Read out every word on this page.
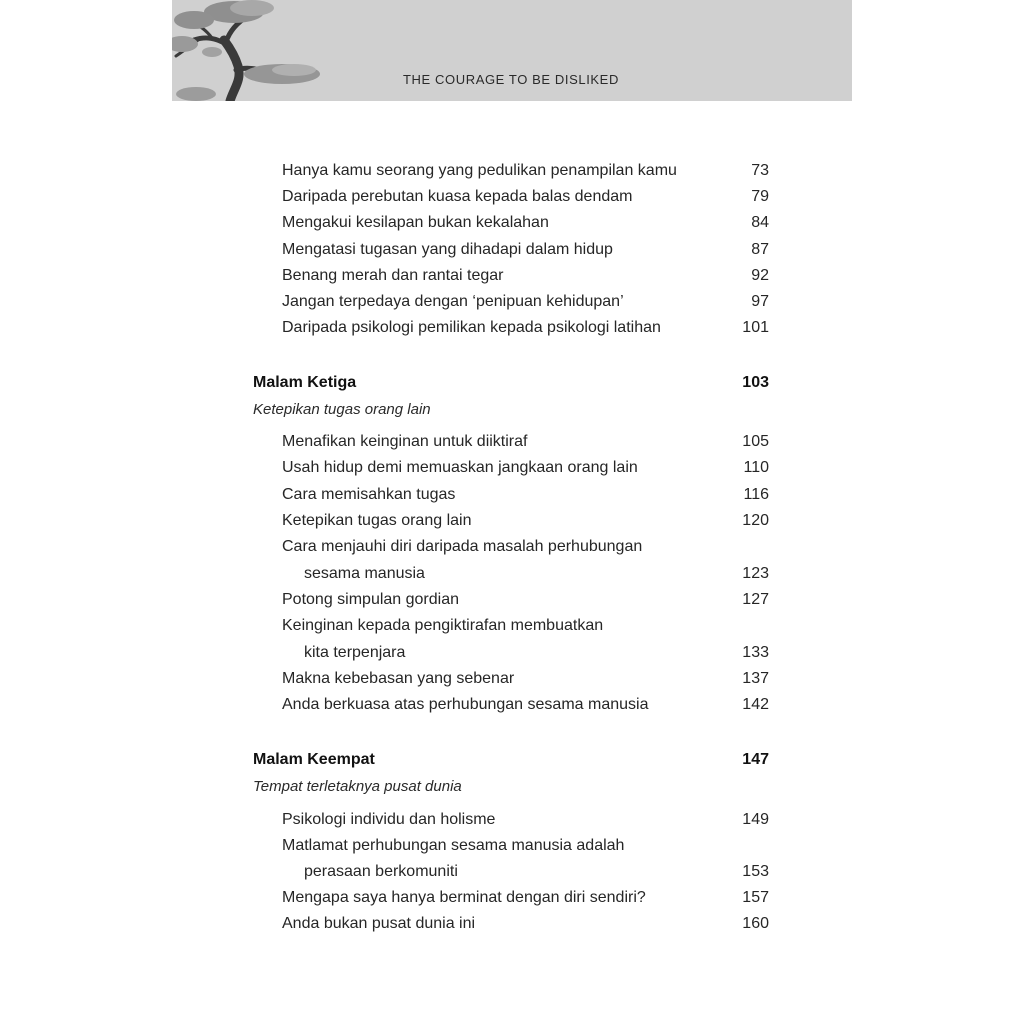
THE COURAGE TO BE DISLIKED
Hanya kamu seorang yang pedulikan penampilan kamu	73
Daripada perebutan kuasa kepada balas dendam	79
Mengakui kesilapan bukan kekalahan	84
Mengatasi tugasan yang dihadapi dalam hidup	87
Benang merah dan rantai tegar	92
Jangan terpedaya dengan ‘penipuan kehidupan’	97
Daripada psikologi pemilikan kepada psikologi latihan	101
Malam Ketiga	103
Ketepikan tugas orang lain
Menafikan keinginan untuk diiktiraf	105
Usah hidup demi memuaskan jangkaan orang lain	110
Cara memisahkan tugas	116
Ketepikan tugas orang lain	120
Cara menjauhi diri daripada masalah perhubungan
sesama manusia	123
Potong simpulan gordian	127
Keinginan kepada pengiktirafan membuatkan
kita terpenjara	133
Makna kebebasan yang sebenar	137
Anda berkuasa atas perhubungan sesama manusia	142
Malam Keempat	147
Tempat terletaknya pusat dunia
Psikologi individu dan holisme	149
Matlamat perhubungan sesama manusia adalah
perasaan berkomuniti	153
Mengapa saya hanya berminat dengan diri sendiri?	157
Anda bukan pusat dunia ini	160
